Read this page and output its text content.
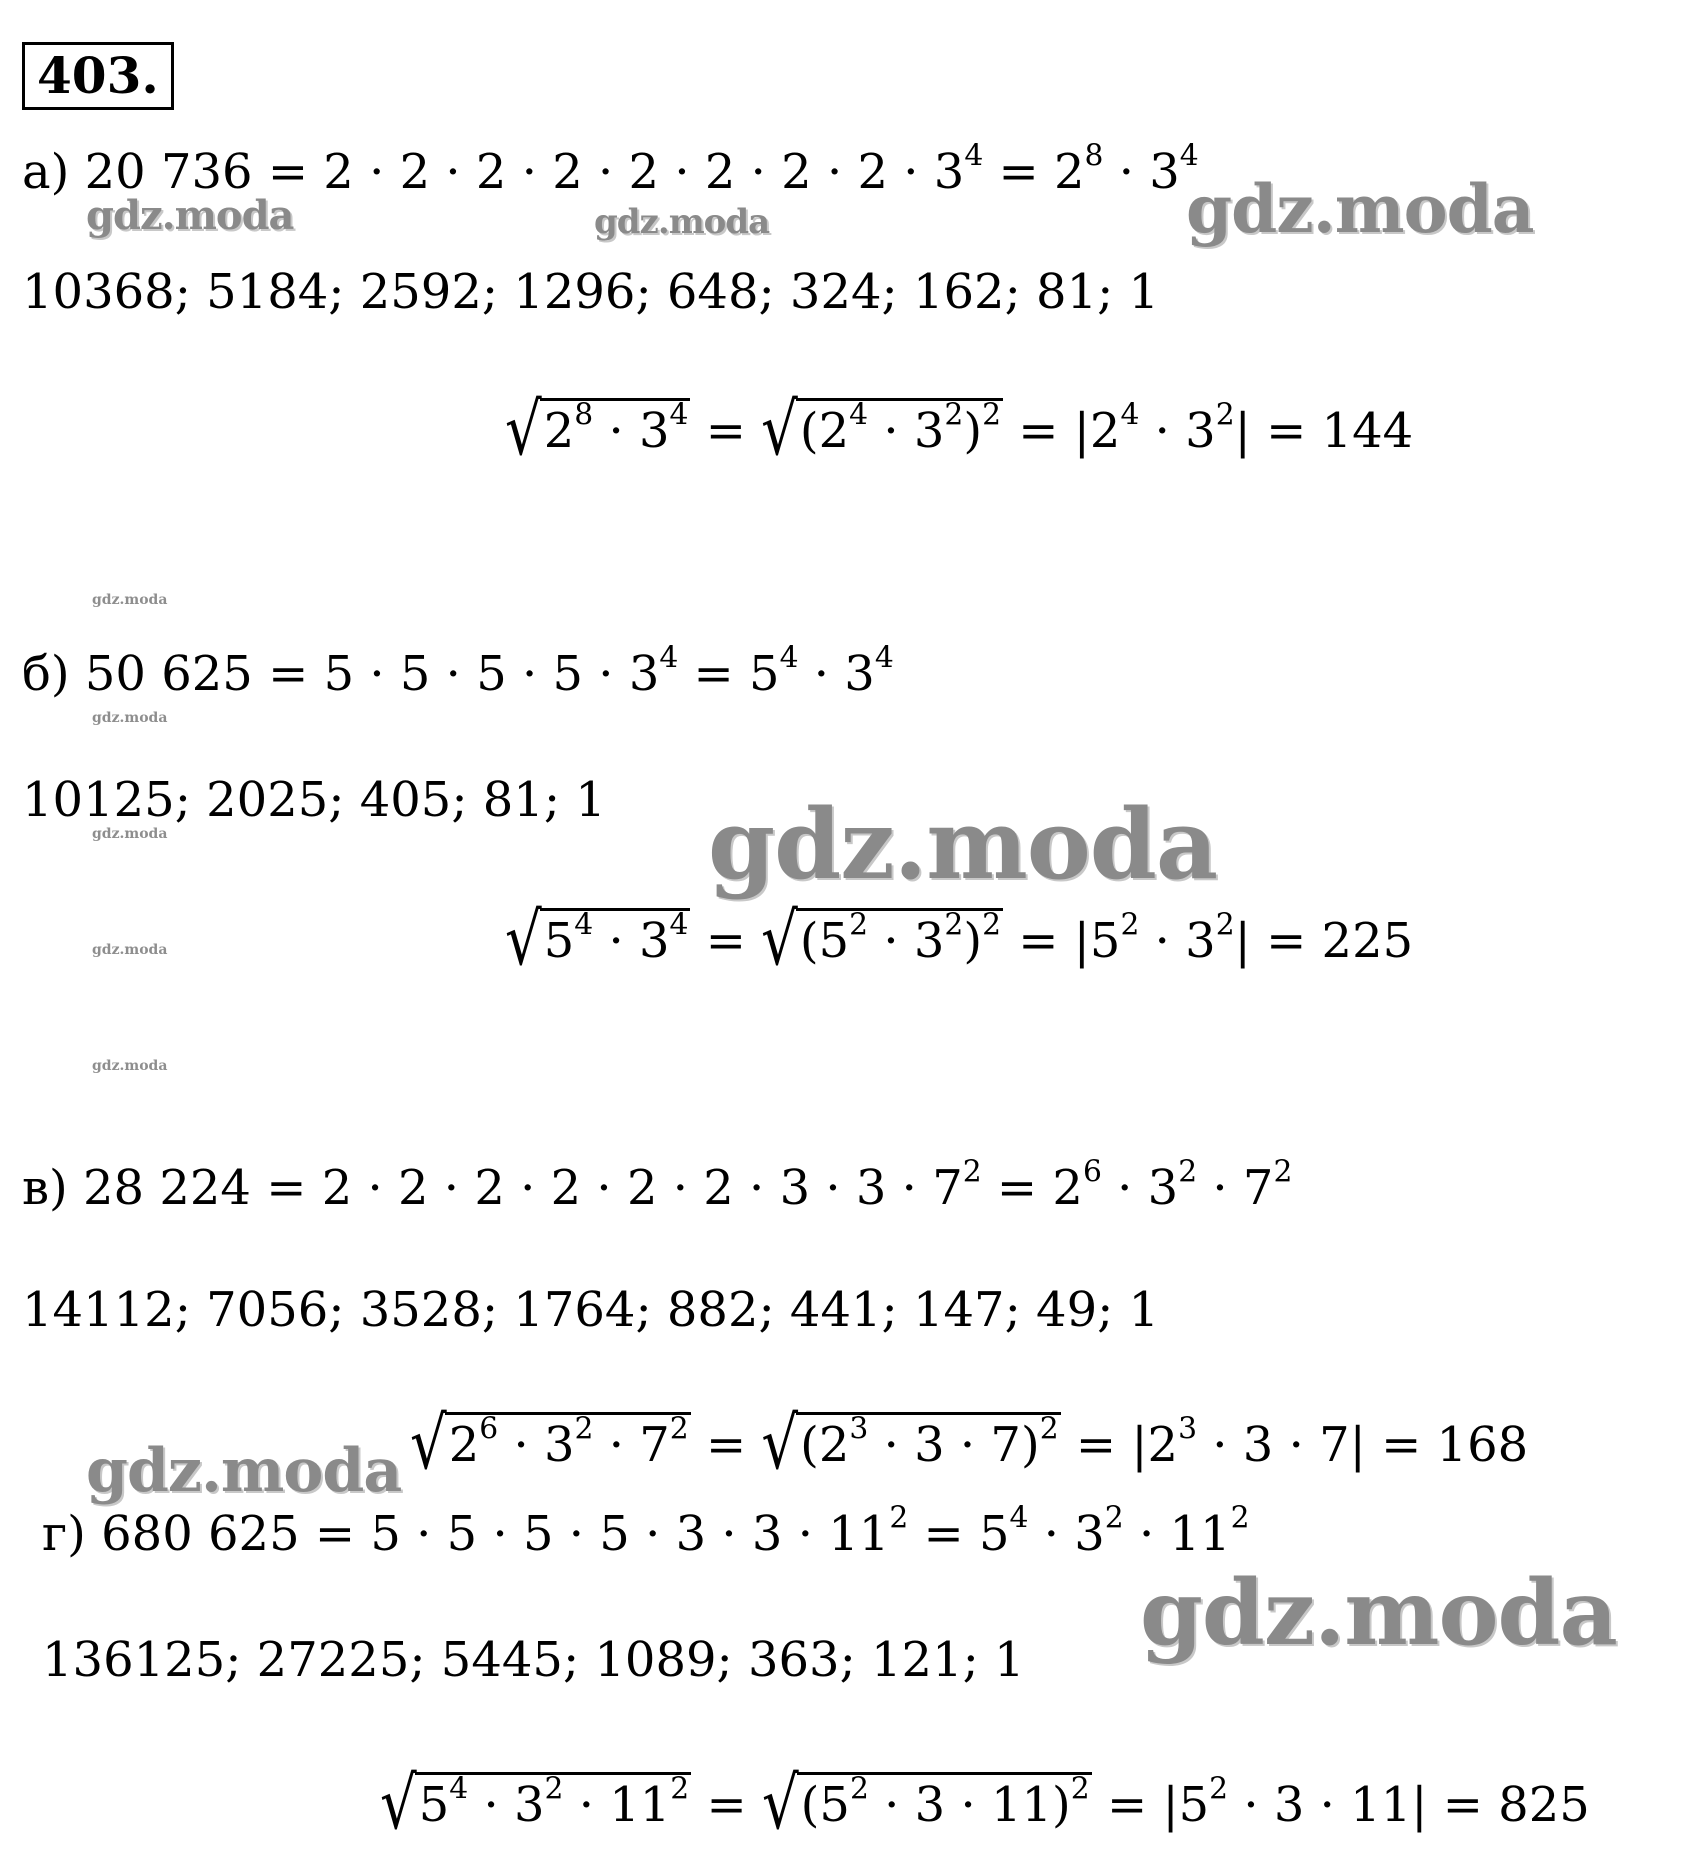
403.
а) 20 $736 = 2 \cdot 2 \cdot 2 \cdot 2 \cdot 2 \cdot 2 \cdot 2 \cdot 2 \cdot 3^4 = 2^8 \cdot 3^4$
10368; 5184; 2592; 1296; 648; 324; 162; 81; 1
$√2^8 \cdot 3^4 = √(2^4 \cdot 3^2)^2 = |2^4 \cdot 3^2| = 144$
б) 50 $625 = 5 \cdot 5 \cdot 5 \cdot 5 \cdot 3^4 = 5^4 \cdot 3^4$
10125; 2025; 405; 81; 1
$√5^4 \cdot 3^4 = √(5^2 \cdot 3^2)^2 = |5^2 \cdot 3^2| = 225$
в) 28 $224 = 2 \cdot 2 \cdot 2 \cdot 2 \cdot 2 \cdot 2 \cdot 3 \cdot 3 \cdot 7^2 = 2^6 \cdot 3^2 \cdot 7^2$
14112; 7056; 3528; 1764; 882; 441; 147; 49; 1
$√2^6 \cdot 3^2 \cdot 7^2 = √(2^3 \cdot 3 \cdot 7)^2 = |2^3 \cdot 3 \cdot 7| = 168$
г) 680 $625 = 5 \cdot 5 \cdot 5 \cdot 5 \cdot 3 \cdot 3 \cdot 11^2 = 5^4 \cdot 3^2 \cdot 11^2$
136125; 27225; 5445; 1089; 363; 121; 1
$√5^4 \cdot 3^2 \cdot 11^2 = √(5^2 \cdot 3 \cdot 11)^2 = |5^2 \cdot 3 \cdot 11| = 825$
gdz.moda	gdz.moda	gdz.moda
gdz.moda
gdz.moda
gdz.moda	gdz.moda
gdz.moda
gdz.moda
gdz.moda
gdz.moda
